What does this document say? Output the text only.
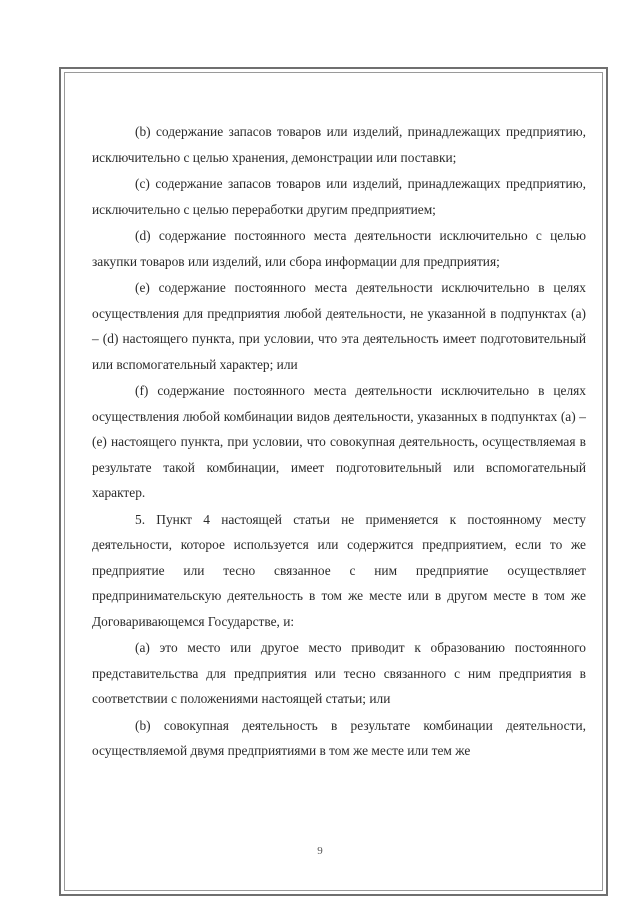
(b) содержание запасов товаров или изделий, принадлежащих предприятию, исключительно с целью хранения, демонстрации или поставки;

(c) содержание запасов товаров или изделий, принадлежащих предприятию, исключительно с целью переработки другим предприятием;

(d) содержание постоянного места деятельности исключительно с целью закупки товаров или изделий, или сбора информации для предприятия;

(e) содержание постоянного места деятельности исключительно в целях осуществления для предприятия любой деятельности, не указанной в подпунктах (a) – (d) настоящего пункта, при условии, что эта деятельность имеет подготовительный или вспомогательный характер; или

(f) содержание постоянного места деятельности исключительно в целях осуществления любой комбинации видов деятельности, указанных в подпунктах (a) – (e) настоящего пункта, при условии, что совокупная деятельность, осуществляемая в результате такой комбинации, имеет подготовительный или вспомогательный характер.

5. Пункт 4 настоящей статьи не применяется к постоянному месту деятельности, которое используется или содержится предприятием, если то же предприятие или тесно связанное с ним предприятие осуществляет предпринимательскую деятельность в том же месте или в другом месте в том же Договаривающемся Государстве, и:

(a) это место или другое место приводит к образованию постоянного представительства для предприятия или тесно связанного с ним предприятия в соответствии с положениями настоящей статьи; или

(b) совокупная деятельность в результате комбинации деятельности, осуществляемой двумя предприятиями в том же месте или тем же

9
